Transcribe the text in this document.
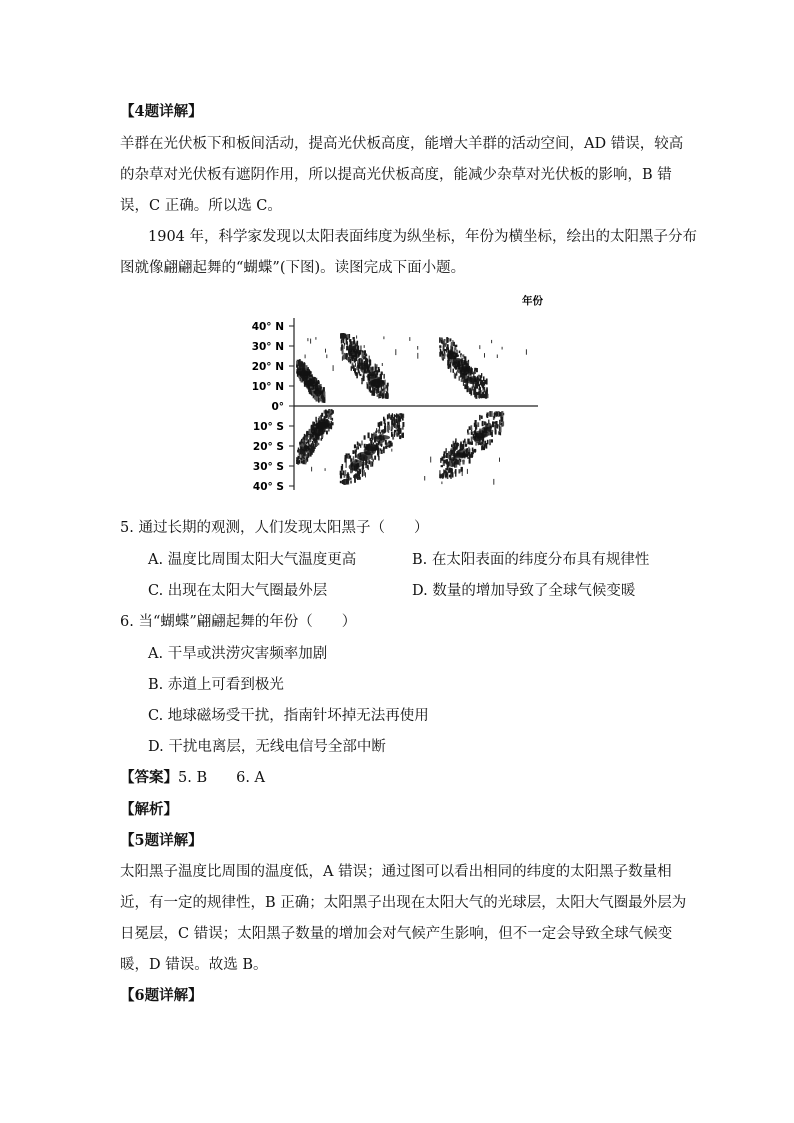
【4题详解】
羊群在光伏板下和板间活动，提高光伏板高度，能增大羊群的活动空间，AD 错误，较高
的杂草对光伏板有遮阴作用，所以提高光伏板高度，能减少杂草对光伏板的影响，B 错
误，C 正确。所以选 C。
1904 年，科学家发现以太阳表面纬度为纵坐标，年份为横坐标，绘出的太阳黑子分布
图就像翩翩起舞的“蝴蝶”(下图)。读图完成下面小题。
40° N
30° N
20° N
10° N
0°
10° S
20° S
30° S
40° S
年份
5. 通过长期的观测，人们发现太阳黑子（　　）
A. 温度比周围太阳大气温度更高	B. 在太阳表面的纬度分布具有规律性
C. 出现在太阳大气圈最外层	D. 数量的增加导致了全球气候变暖
6. 当“蝴蝶”翩翩起舞的年份（　　）
A. 干旱或洪涝灾害频率加剧
B. 赤道上可看到极光
C. 地球磁场受干扰，指南针坏掉无法再使用
D. 干扰电离层，无线电信号全部中断
【答案】5. B　　6. A
【解析】
【5题详解】
太阳黑子温度比周围的温度低，A 错误；通过图可以看出相同的纬度的太阳黑子数量相
近，有一定的规律性，B 正确；太阳黑子出现在太阳大气的光球层，太阳大气圈最外层为
日冕层，C 错误；太阳黑子数量的增加会对气候产生影响，但不一定会导致全球气候变
暖，D 错误。故选 B。
【6题详解】
